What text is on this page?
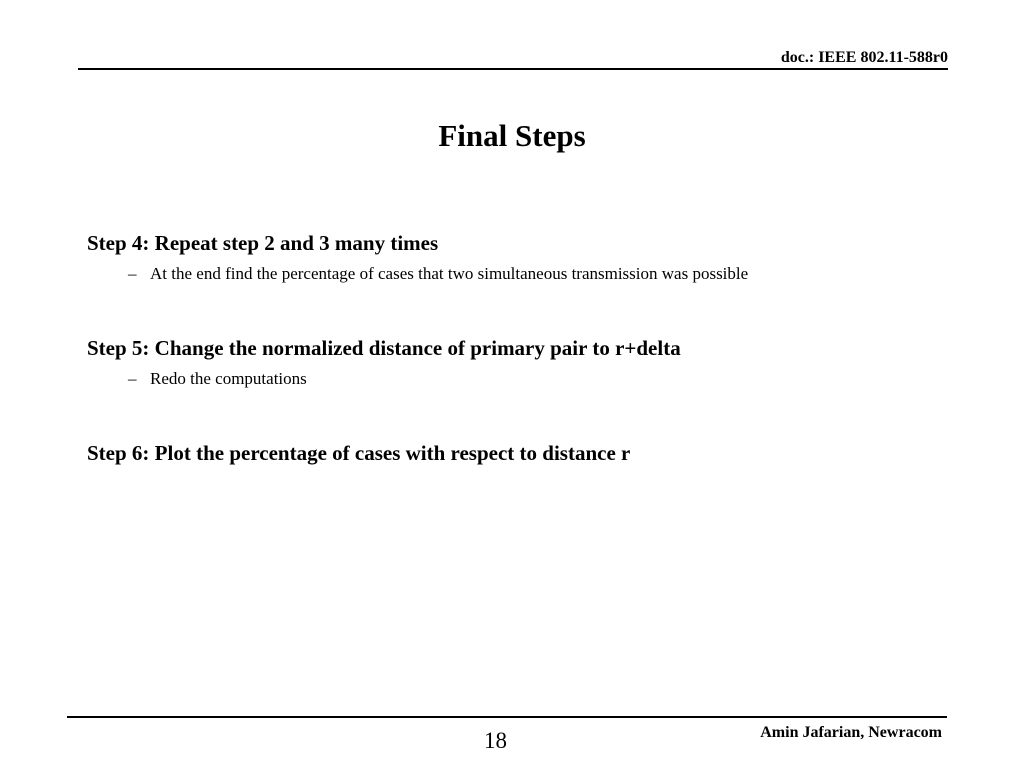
doc.: IEEE 802.11-588r0
Final Steps
Step 4: Repeat step 2 and 3 many times
– At the end find the percentage of cases that two simultaneous transmission was possible
Step 5: Change the normalized distance of primary pair to r+delta
– Redo the computations
Step 6: Plot the percentage of cases with respect to distance r
18	Amin Jafarian, Newracom
